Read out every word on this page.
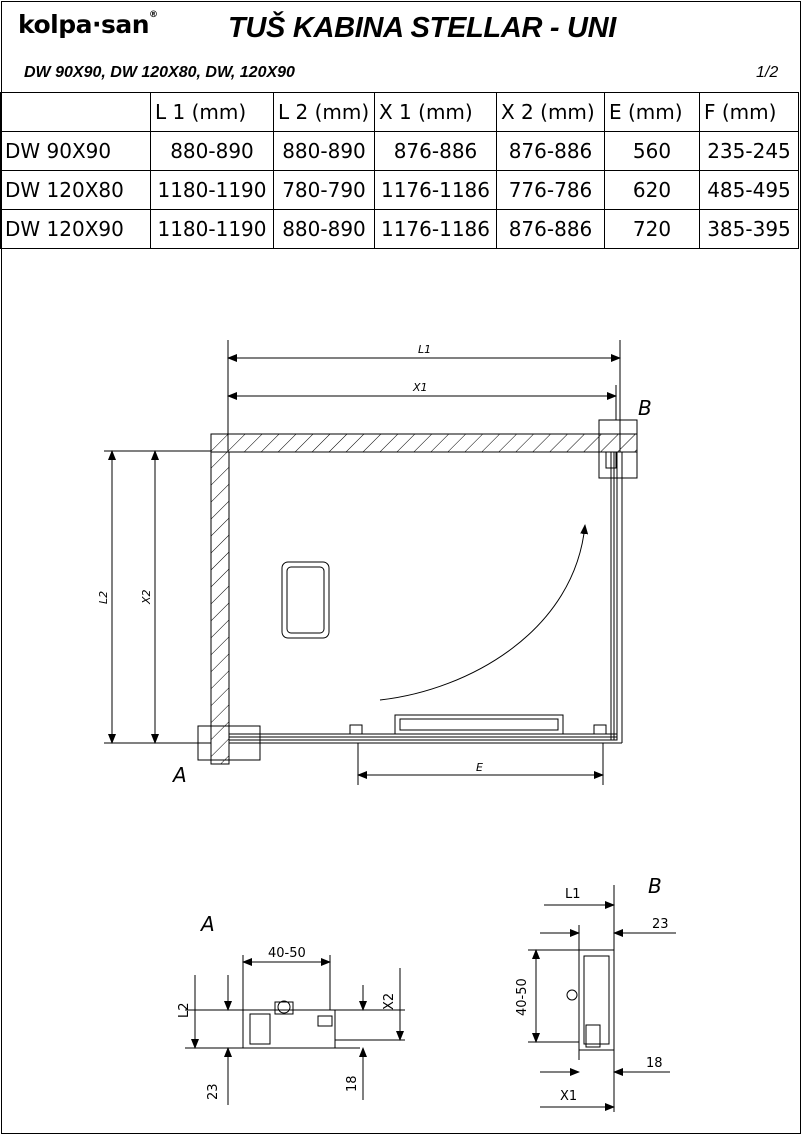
kolpa·san® TUŠ KABINA STELLAR - UNI
DW 90X90, DW 120X80, DW, 120X90	1/2
	L 1 (mm)	L 2 (mm)	X 1 (mm)	X 2 (mm)	E (mm)	F (mm)
DW 90X90	880-890	880-890	876-886	876-886	560	235-245
DW 120X80	1180-1190	780-790	1176-1186	776-786	620	485-495
DW 120X90	1180-1190	880-890	1176-1186	876-886	720	385-395
L1
X1
L2	X2
E
A
B
A
40-50
L2
X2
23	18
B
L1
23
40-50
18
X1
